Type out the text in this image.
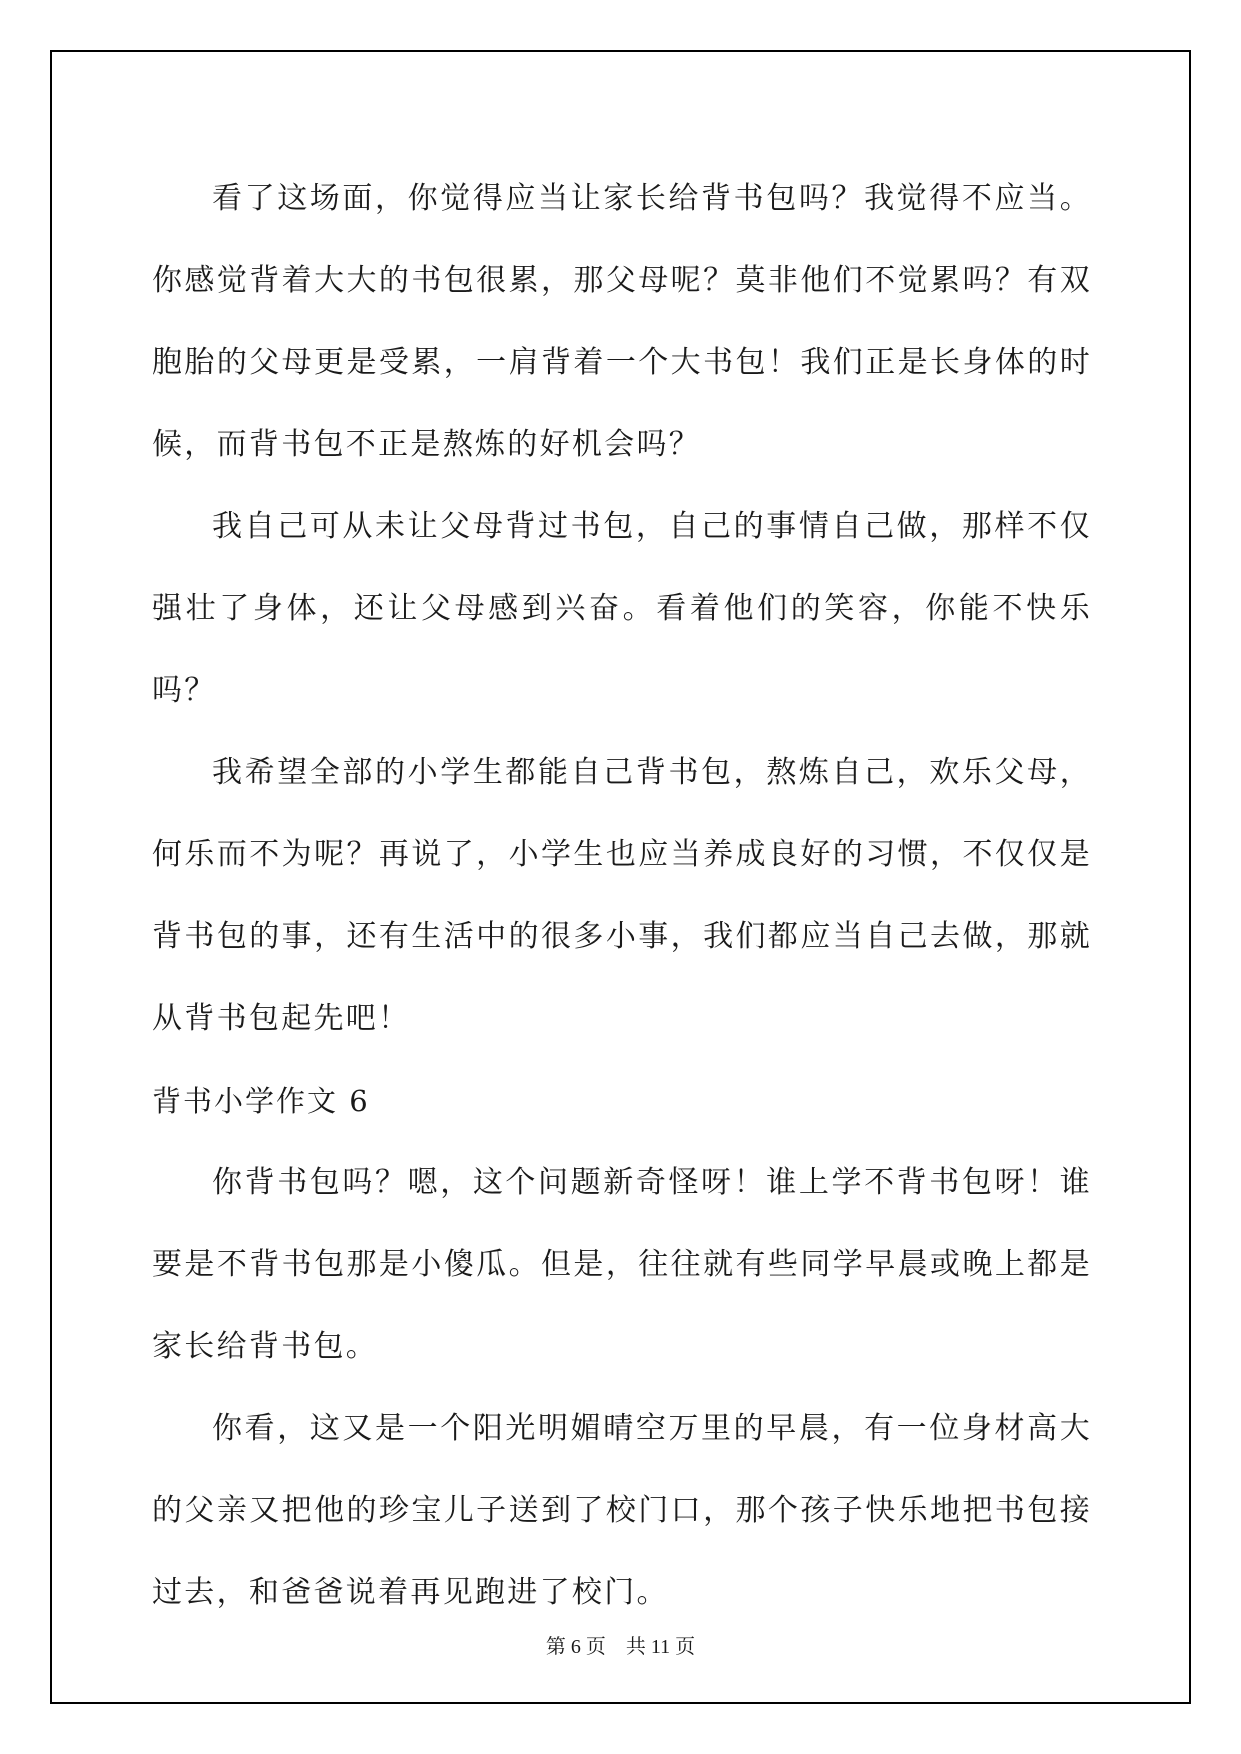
看了这场面，你觉得应当让家长给背书包吗？我觉得不应当。你感觉背着大大的书包很累，那父母呢？莫非他们不觉累吗？有双胞胎的父母更是受累，一肩背着一个大书包！我们正是长身体的时候，而背书包不正是熬炼的好机会吗？

我自己可从未让父母背过书包，自己的事情自己做，那样不仅强壮了身体，还让父母感到兴奋。看着他们的笑容，你能不快乐吗？

我希望全部的小学生都能自己背书包，熬炼自己，欢乐父母，何乐而不为呢？再说了，小学生也应当养成良好的习惯，不仅仅是背书包的事，还有生活中的很多小事，我们都应当自己去做，那就从背书包起先吧！

背书小学作文 6

你背书包吗？嗯，这个问题新奇怪呀！谁上学不背书包呀！谁要是不背书包那是小傻瓜。但是，往往就有些同学早晨或晚上都是家长给背书包。

你看，这又是一个阳光明媚晴空万里的早晨，有一位身材高大的父亲又把他的珍宝儿子送到了校门口，那个孩子快乐地把书包接过去，和爸爸说着再见跑进了校门。

第 6 页 共 11 页
